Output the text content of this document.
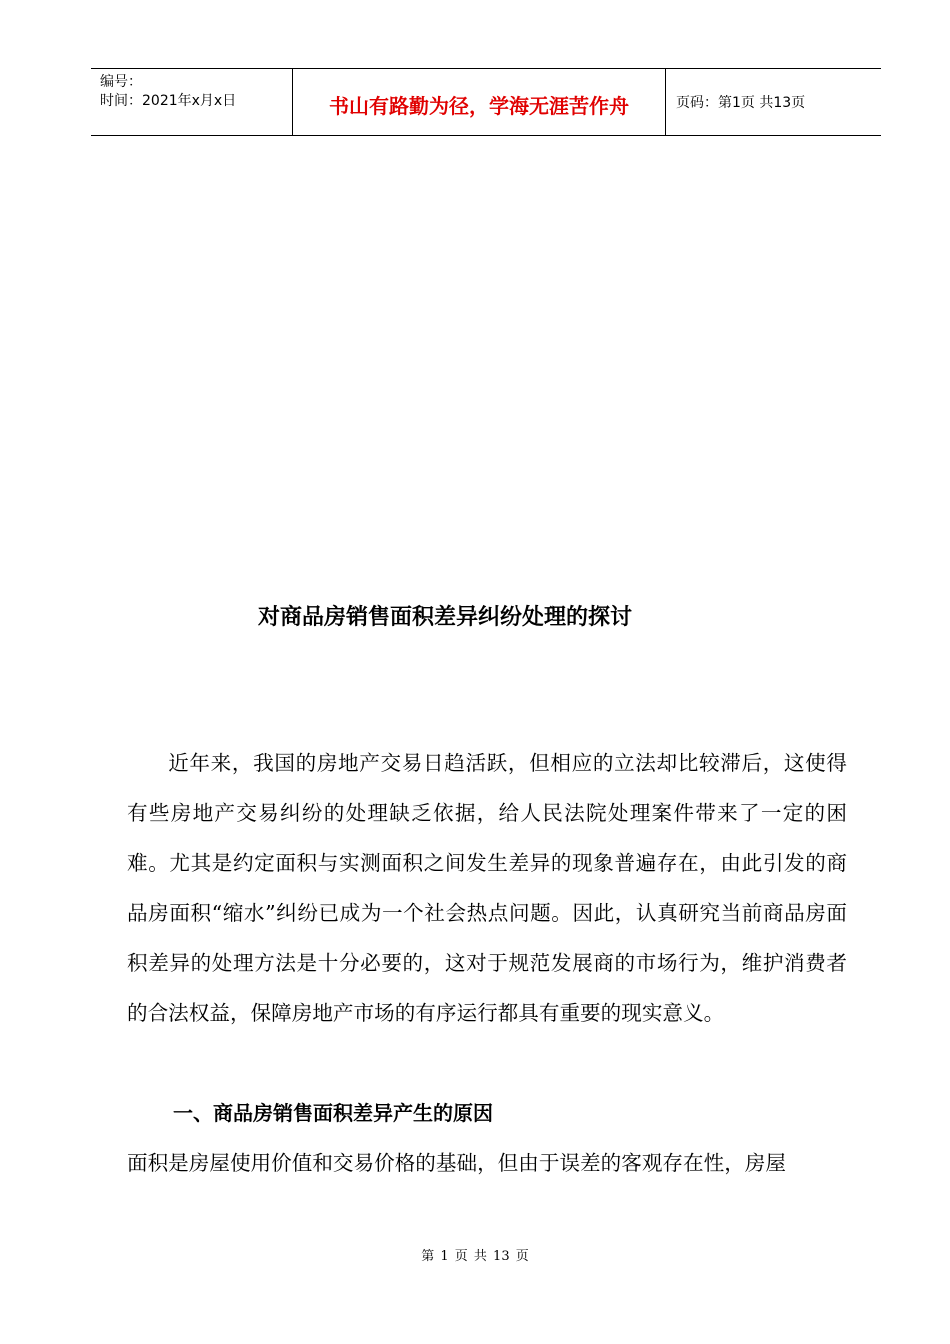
编号：
时间：2021年x月x日	书山有路勤为径，学海无涯苦作舟	页码：第1页 共13页
对商品房销售面积差异纠纷处理的探讨
近年来，我国的房地产交易日趋活跃，但相应的立法却比较滞后，这使得有些房地产交易纠纷的处理缺乏依据，给人民法院处理案件带来了一定的困难。尤其是约定面积与实测面积之间发生差异的现象普遍存在，由此引发的商品房面积“缩水”纠纷已成为一个社会热点问题。因此，认真研究当前商品房面积差异的处理方法是十分必要的，这对于规范发展商的市场行为，维护消费者的合法权益，保障房地产市场的有序运行都具有重要的现实意义。
一、商品房销售面积差异产生的原因
面积是房屋使用价值和交易价格的基础，但由于误差的客观存在性，房屋
第 1 页 共 13 页
